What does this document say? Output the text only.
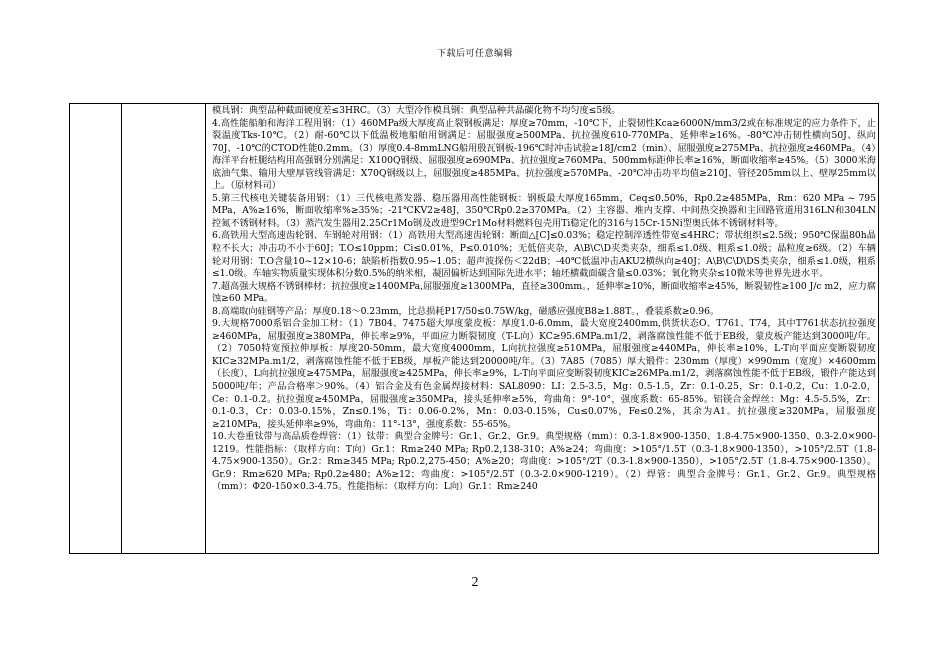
下载后可任意编辑

模具钢：典型品种截面硬度差≤3HRC。（3）大型冷作模具钢：典型品种共晶碳化物不均匀度≤5级。

4.高性能船舶和海洋工程用钢：（1）460MPa级大厚度高止裂钢板满足：厚度≥70mm，-10℃下，止裂韧性Kca≥6000N/mm3/2或在标准规定的应力条件下，止裂温度Tks-10℃。（2）耐-60℃以下低温极地船舶用钢满足：屈服强度≥500MPa、抗拉强度610-770MPa、延伸率≥16%。-80℃冲击韧性横向50J、纵向70J、-10℃的CTOD性能0.2mm。（3）厚度0.4-8mmLNG船用殷瓦钢板-196℃时冲击试验≥18J/cm2（min）、屈服强度≥275MPa、抗拉强度≥460MPa。（4）海洋平台桩腿结构用高强钢分别满足：X100Q钢级、屈服强度≥690MPa、抗拉强度≥760MPa、500mm标距伸长率≥16%，断面收缩率≥45%。（5）3000米海底油气集、输用大壁厚管线管满足：X70Q钢级以上，屈服强度≥485MPa、抗拉强度≥570MPa、-20℃冲击功平均值≥210J、管径205mm以上、壁厚25mm以上。（原材料司）

5.第三代核电关键装备用钢：（1）三代核电蒸发器、稳压器用高性能钢板：钢板最大厚度165mm，Ceq≤0.50%，Rp0.2≥485MPa，Rm：620 MPa ~ 795 MPa，A%≥16%，断面收缩率%≥35%；-21℃KV2≥48J，350℃Rp0.2≥370MPa。（2）主容器、堆内支撑、中间热交换器和主回路管道用316LN和304LN控氮不锈钢材料。（3）蒸汽发生器用2.25Cr1Mo钢及改进型9Cr1Mo材料燃料包壳用Ti稳定化的316与15Cr-15Ni型奥氏体不锈钢材料等。

6.高铁用大型高速齿轮钢、车钢轮对用钢：（1）高铁用大型高速齿轮钢：断面△[C]≤0.03%；稳定控制淬透性带宽≤4HRC；带状组织≤2.5级；950℃保温80h晶粒不长大；冲击功不小于60J；T.O≤10ppm；Ci≤0.01%，P≤0.010%；无低倍夹杂，A\B\C\D夹类夹杂，细系≤1.0级、粗系≤1.0级；晶粒度≥6级。（2）车辆轮对用钢：T.O含量10~12×10-6；缺陷析指数0.95~1.05；超声波探伤＜22dB；-40℃低温冲击AKU2横纵向≥40J；A\B\C\D\DS类夹杂，细系≤1.0级，粗系≤1.0级。车轴实物质量实现体积分数0.5%的纳米相，凝固偏析达到国际先进水平；轴坯横截面碳含量≤0.03%；氧化物夹杂≤10微米等世界先进水平。

7.超高强大规格不锈钢棒材：抗拉强度≥1400MPa,屈服强度≥1300MPa，直径≥300mm。，延伸率≥10%，断面收缩率≥45%，断裂韧性≥100 J/c m2，应力腐蚀≥60 MPa。

8.高端取向硅钢等产品：厚度0.18～0.23mm，比总损耗P17/50≤0.75W/kg，磁感应强度B8≥1.88T。，叠装系数≥0.96。

9.大规格7000系铝合金加工材：（1）7B04、7475超大厚度蒙皮板：厚度1.0-6.0mm，最大宽度2400mm,供货状态O、T761、T74，其中T761状态抗拉强度≥460MPa，屈服强度≥380MPa，伸长率≥9%，平面应力断裂韧度（T-L向）KC≥95.6MPa.m1/2，剥落腐蚀性能不低于EB级，蒙皮板产能达到3000吨/年。（2）7050特宽预拉伸厚板：厚度20-50mm，最大宽度4000mm，L向抗拉强度≥510MPa，屈服强度≥440MPa，伸长率≥10%，L-T向平面应变断裂韧度KIC≥32MPa.m1/2，剥落腐蚀性能不低于EB级，厚板产能达到20000吨/年。（3）7A85（7085）厚大锻件：230mm（厚度）×990mm（宽度）×4600mm（长度），L向抗拉强度≥475MPa，屈服强度≥425MPa，伸长率≥9%，L-T向平面应变断裂韧度KIC≥26MPa.m1/2，剥落腐蚀性能不低于EB级，锻件产能达到5000吨/年；产品合格率＞90%。（4）铝合金及有色金属焊接材料：SAL8090：LI：2.5-3.5，Mg：0.5-1.5，Zr：0.1-0.25，Sr：0.1-0.2，Cu：1.0-2.0，Ce：0.1-0.2。抗拉强度≥450MPa，屈服强度≥350MPa，接头延伸率≥5%，弯曲角：9°-10°，强度系数：65-85%。铝镁合金焊丝：Mg：4.5-5.5%，Zr：0.1-0.3，Cr：0.03-0.15%，Zn≤0.1%，Ti：0.06-0.2%，Mn：0.03-0.15%，Cu≤0.07%，Fe≤0.2%，其余为A1。抗拉强度≥320MPa，屈服强度≥210MPa，接头延伸率≥9%，弯曲角：11°-13°，强度系数：55-65%。

10.大卷重钛带与高品质卷焊管：（1）钛带：典型合金牌号：Gr.1、Gr.2、Gr.9。典型规格（mm）：0.3-1.8×900-1350、1.8-4.75×900-1350、0.3-2.0×900-1219。性能指标：（取样方向：T向）Gr.1：Rm≥240 MPa; Rp0.2,138-310；A%≥24；弯曲度：>105°/1.5T（0.3-1.8×900-1350），>105°/2.5T（1.8-4.75×900-1350）。Gr.2：Rm≥345 MPa; Rp0.2,275-450；A%≥20；弯曲度：>105°/2T（0.3-1.8×900-1350），>105°/2.5T（1.8-4.75×900-1350）。Gr.9：Rm≥620 MPa; Rp0.2≥480；A%≥12；弯曲度：>105°/2.5T（0.3-2.0×900-1219）。（2）焊管：典型合金牌号：Gr.1、Gr.2、Gr.9。典型规格（mm）：Φ20-150×0.3-4.75。性能指标：（取样方向：L向）Gr.1：Rm≥240

2
